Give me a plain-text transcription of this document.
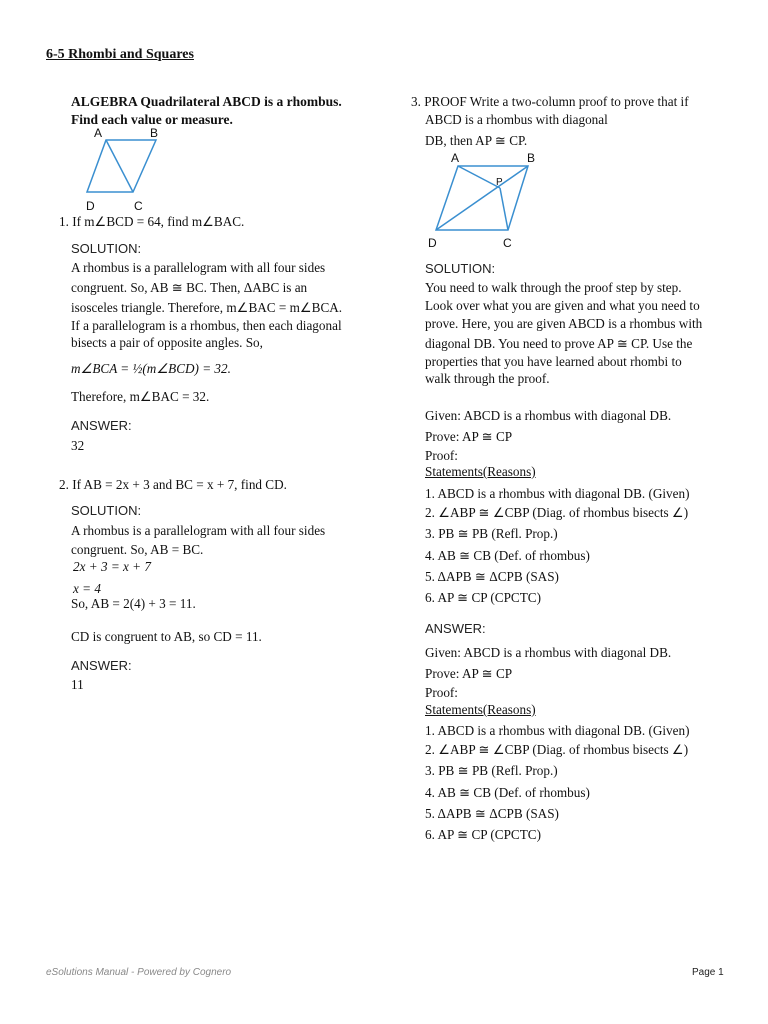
6-5 Rhombi and Squares
ALGEBRA Quadrilateral ABCD is a rhombus.
Find each value or measure.
A	B
C
D
1. If m∠BCD = 64, find m∠BAC.
SOLUTION:
A rhombus is a parallelogram with all four sides
congruent. So, AB ≅ BC. Then, ΔABC is an
isosceles triangle. Therefore, m∠BAC = m∠BCA.
If a parallelogram is a rhombus, then each diagonal
bisects a pair of opposite angles. So,
m∠BCA = ½(m∠BCD) = 32.
Therefore, m∠BAC = 32.
ANSWER:
32
2. If AB = 2x + 3 and BC = x + 7, find CD.
SOLUTION:
A rhombus is a parallelogram with all four sides
congruent. So, AB = BC.
2x + 3 = x + 7
x = 4
So, AB = 2(4) + 3 = 11.
CD is congruent to AB, so CD = 11.
ANSWER:
11
3. PROOF Write a two-column proof to prove that if
ABCD is a rhombus with diagonal
DB, then AP ≅ CP.
A	B
P
C
D
SOLUTION:
You need to walk through the proof step by step.
Look over what you are given and what you need to
prove. Here, you are given ABCD is a rhombus with
diagonal DB. You need to prove AP ≅ CP. Use the
properties that you have learned about rhombi to
walk through the proof.
Given: ABCD is a rhombus with diagonal DB.
Prove: AP ≅ CP
Proof:
Statements(Reasons)
1. ABCD is a rhombus with diagonal DB. (Given)
2. ∠ABP ≅ ∠CBP (Diag. of rhombus bisects ∠)
3. PB ≅ PB (Refl. Prop.)
4. AB ≅ CB (Def. of rhombus)
5. ΔAPB ≅ ΔCPB (SAS)
6. AP ≅ CP (CPCTC)
ANSWER:
Given: ABCD is a rhombus with diagonal DB.
Prove: AP ≅ CP
Proof:
Statements(Reasons)
1. ABCD is a rhombus with diagonal DB. (Given)
2. ∠ABP ≅ ∠CBP (Diag. of rhombus bisects ∠)
3. PB ≅ PB (Refl. Prop.)
4. AB ≅ CB (Def. of rhombus)
5. ΔAPB ≅ ΔCPB (SAS)
6. AP ≅ CP (CPCTC)
eSolutions Manual - Powered by Cognero	Page 1
